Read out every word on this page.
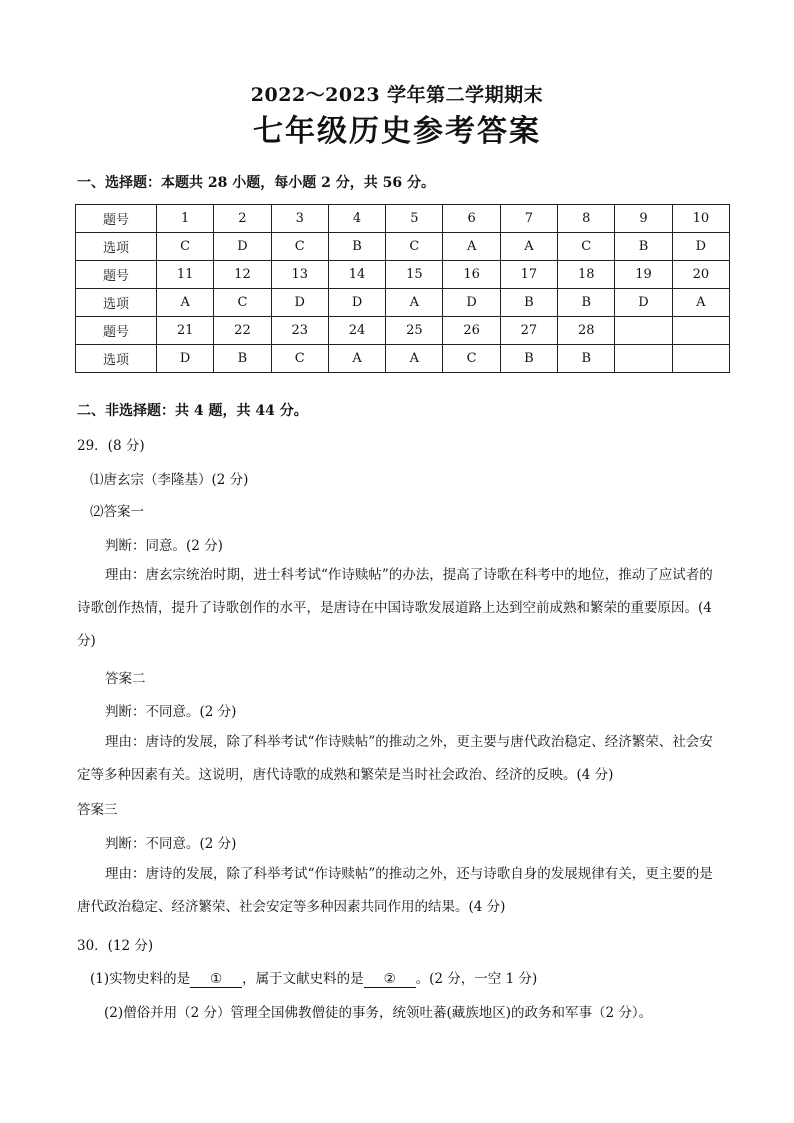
2022～2023 学年第二学期期末
七年级历史参考答案
一、选择题：本题共 28 小题，每小题 2 分，共 56 分。
题号	1	2	3	4	5	6	7	8	9	10
选项	C	D	C	B	C	A	A	C	B	D
题号	11	12	13	14	15	16	17	18	19	20
选项	A	C	D	D	A	D	B	B	D	A
题号	21	22	23	24	25	26	27	28		
选项	D	B	C	A	A	C	B	B		
二、非选择题：共 4 题，共 44 分。
29．(8 分)
⑴唐玄宗（李隆基）(2 分)
⑵答案一
判断：同意。(2 分)
理由：唐玄宗统治时期，进士科考试“作诗赎帖”的办法，提高了诗歌在科考中的地位，推动了应试者的诗歌创作热情，提升了诗歌创作的水平，是唐诗在中国诗歌发展道路上达到空前成熟和繁荣的重要原因。(4 分)
答案二
判断：不同意。(2 分)
理由：唐诗的发展，除了科举考试“作诗赎帖”的推动之外，更主要与唐代政治稳定、经济繁荣、社会安定等多种因素有关。这说明，唐代诗歌的成熟和繁荣是当时社会政治、经济的反映。(4 分)
答案三
判断：不同意。(2 分)
理由：唐诗的发展，除了科举考试“作诗赎帖”的推动之外，还与诗歌自身的发展规律有关，更主要的是唐代政治稳定、经济繁荣、社会安定等多种因素共同作用的结果。(4 分)
30．(12 分)
(1)实物史料的是 ① ，属于文献史料的是 ② 。(2 分，一空 1 分)
(2)僧俗并用（2 分）管理全国佛教僧徒的事务，统领吐蕃(藏族地区)的政务和军事（2 分）。
